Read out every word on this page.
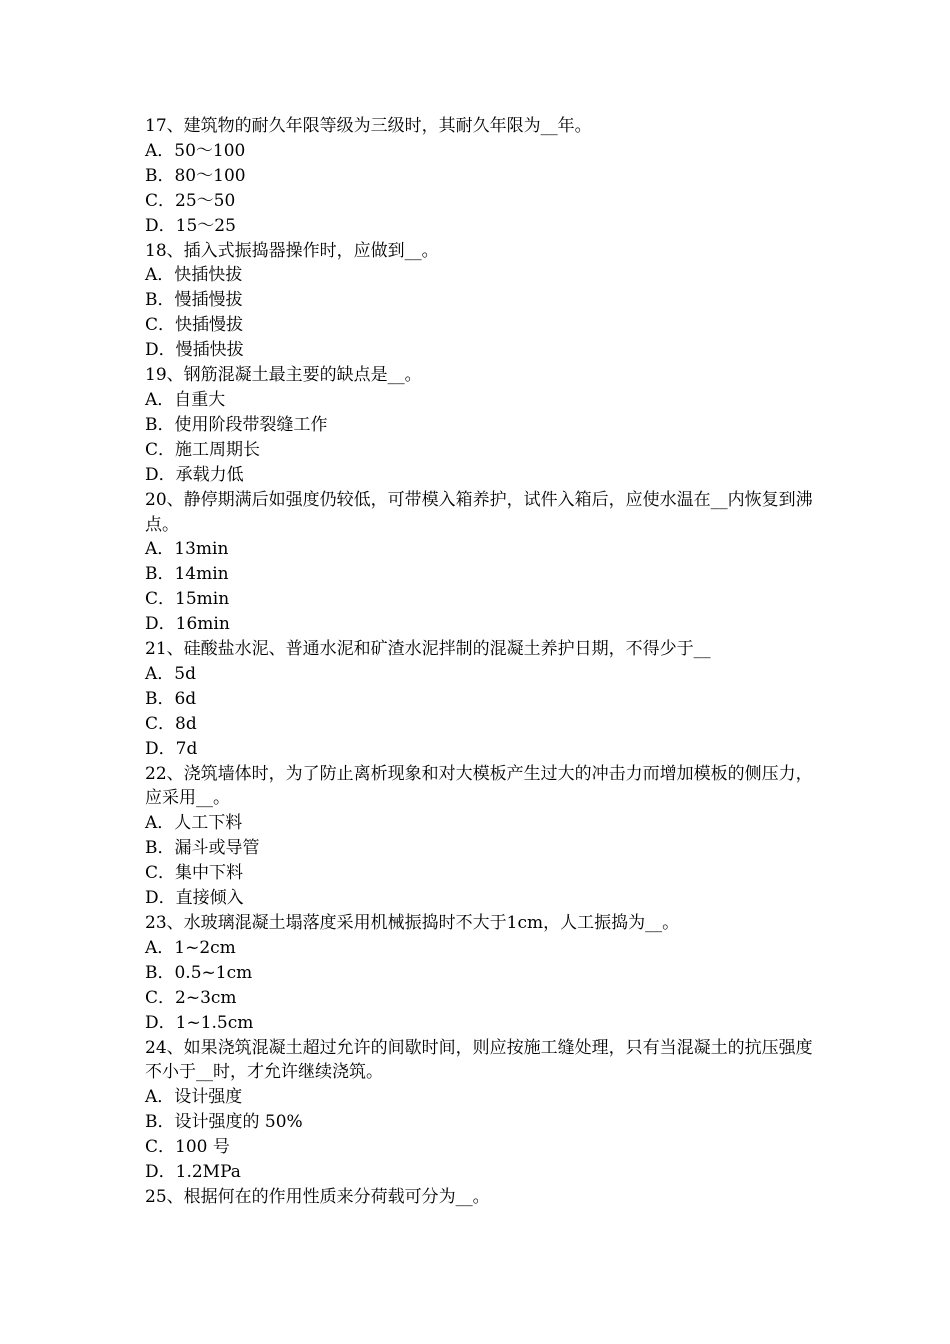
17、建筑物的耐久年限等级为三级时，其耐久年限为__年。
A．50～100
B．80～100
C．25～50
D．15～25
18、插入式振捣器操作时，应做到__。
A．快插快拔
B．慢插慢拔
C．快插慢拔
D．慢插快拔
19、钢筋混凝土最主要的缺点是__。
A．自重大
B．使用阶段带裂缝工作
C．施工周期长
D．承载力低
20、静停期满后如强度仍较低，可带模入箱养护，试件入箱后，应使水温在__内恢复到沸点。
A．13min
B．14min
C．15min
D．16min
21、硅酸盐水泥、普通水泥和矿渣水泥拌制的混凝土养护日期，不得少于__
A．5d
B．6d
C．8d
D．7d
22、浇筑墙体时，为了防止离析现象和对大模板产生过大的冲击力而增加模板的侧压力，应采用__。
A．人工下料
B．漏斗或导管
C．集中下料
D．直接倾入
23、水玻璃混凝土塌落度采用机械振捣时不大于1cm，人工振捣为__。
A．1~2cm
B．0.5~1cm
C．2~3cm
D．1~1.5cm
24、如果浇筑混凝土超过允许的间歇时间，则应按施工缝处理，只有当混凝土的抗压强度不小于__时，才允许继续浇筑。
A．设计强度
B．设计强度的 50%
C．100 号
D．1.2MPa
25、根据何在的作用性质来分荷载可分为__。
